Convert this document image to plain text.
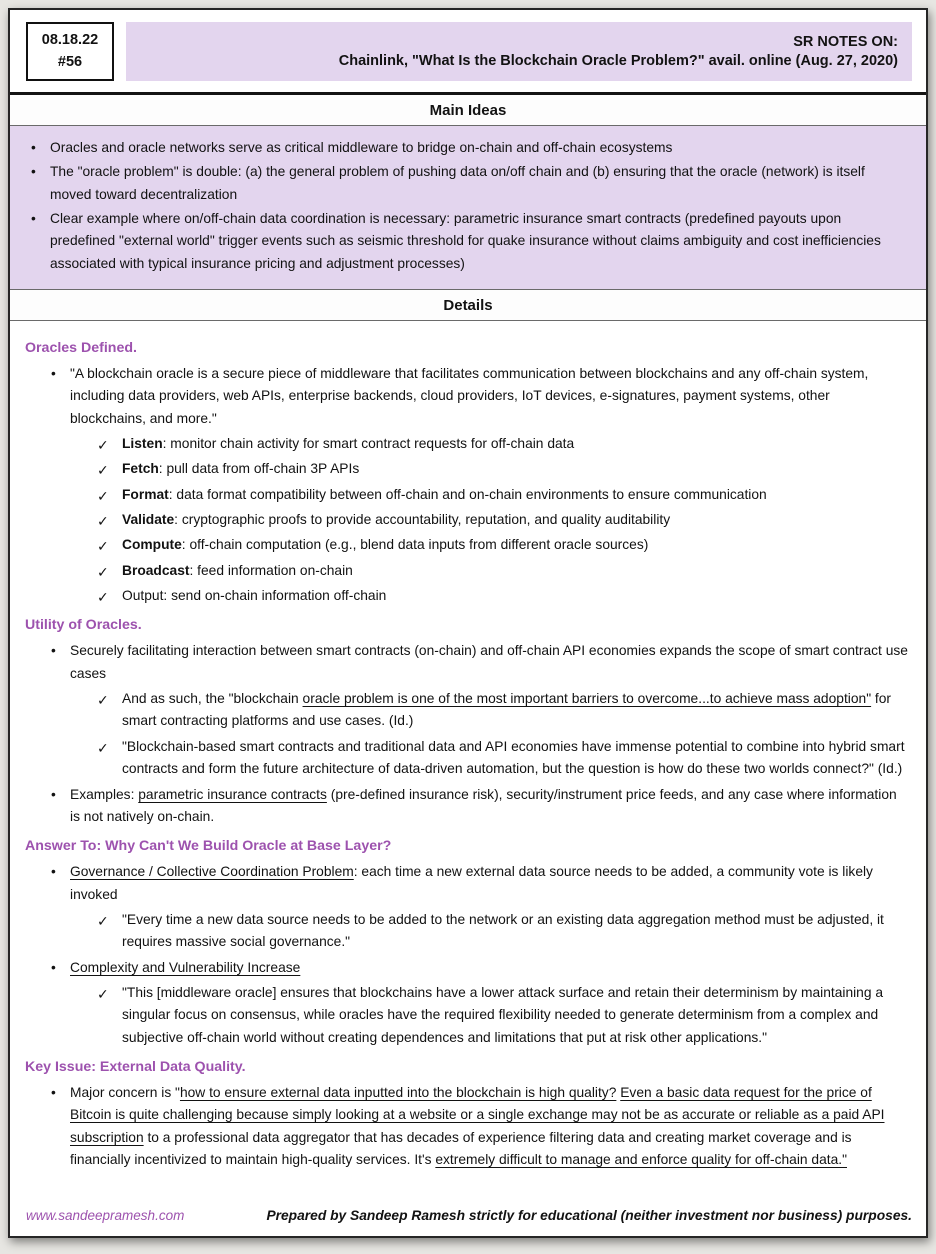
08.18.22
#56
SR NOTES ON:
Chainlink, "What Is the Blockchain Oracle Problem?" avail. online (Aug. 27, 2020)
Main Ideas
• Oracles and oracle networks serve as critical middleware to bridge on-chain and off-chain ecosystems
• The "oracle problem" is double: (a) the general problem of pushing data on/off chain and (b) ensuring that the oracle (network) is itself moved toward decentralization
• Clear example where on/off-chain data coordination is necessary: parametric insurance smart contracts (predefined payouts upon predefined "external world" trigger events such as seismic threshold for quake insurance without claims ambiguity and cost inefficiencies associated with typical insurance pricing and adjustment processes)
Details
Oracles Defined.
• "A blockchain oracle is a secure piece of middleware that facilitates communication between blockchains and any off-chain system, including data providers, web APIs, enterprise backends, cloud providers, IoT devices, e-signatures, payment systems, other blockchains, and more."
✓ Listen: monitor chain activity for smart contract requests for off-chain data
✓ Fetch: pull data from off-chain 3P APIs
✓ Format: data format compatibility between off-chain and on-chain environments to ensure communication
✓ Validate: cryptographic proofs to provide accountability, reputation, and quality auditability
✓ Compute: off-chain computation (e.g., blend data inputs from different oracle sources)
✓ Broadcast: feed information on-chain
✓ Output: send on-chain information off-chain
Utility of Oracles.
• Securely facilitating interaction between smart contracts (on-chain) and off-chain API economies expands the scope of smart contract use cases
✓ And as such, the "blockchain oracle problem is one of the most important barriers to overcome...to achieve mass adoption" for smart contracting platforms and use cases. (Id.)
✓ "Blockchain-based smart contracts and traditional data and API economies have immense potential to combine into hybrid smart contracts and form the future architecture of data-driven automation, but the question is how do these two worlds connect?" (Id.)
• Examples: parametric insurance contracts (pre-defined insurance risk), security/instrument price feeds, and any case where information is not natively on-chain.
Answer To: Why Can't We Build Oracle at Base Layer?
• Governance / Collective Coordination Problem: each time a new external data source needs to be added, a community vote is likely invoked
✓ "Every time a new data source needs to be added to the network or an existing data aggregation method must be adjusted, it requires massive social governance."
• Complexity and Vulnerability Increase
✓ "This [middleware oracle] ensures that blockchains have a lower attack surface and retain their determinism by maintaining a singular focus on consensus, while oracles have the required flexibility needed to generate determinism from a complex and subjective off-chain world without creating dependences and limitations that put at risk other applications."
Key Issue: External Data Quality.
• Major concern is "how to ensure external data inputted into the blockchain is high quality? Even a basic data request for the price of Bitcoin is quite challenging because simply looking at a website or a single exchange may not be as accurate or reliable as a paid API subscription to a professional data aggregator that has decades of experience filtering data and creating market coverage and is financially incentivized to maintain high-quality services. It's extremely difficult to manage and enforce quality for off-chain data."
www.sandeepramesh.com	Prepared by Sandeep Ramesh strictly for educational (neither investment nor business) purposes.
